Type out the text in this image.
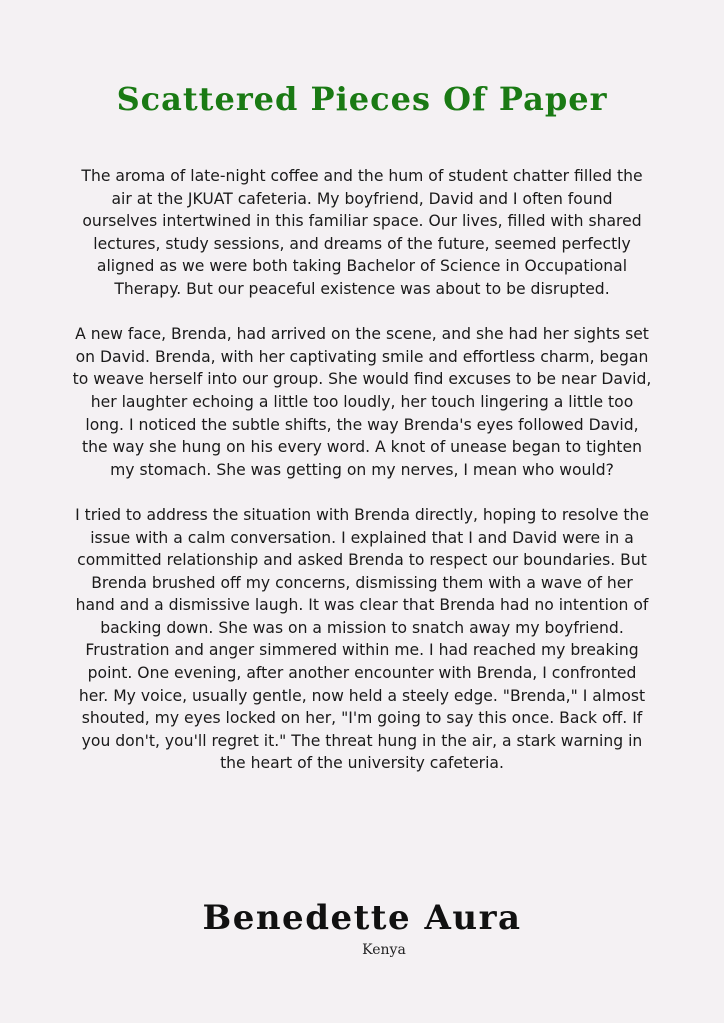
Scattered Pieces Of Paper

The aroma of late-night coffee and the hum of student chatter filled the air at the JKUAT cafeteria. My boyfriend, David and I often found ourselves intertwined in this familiar space. Our lives, filled with shared lectures, study sessions, and dreams of the future, seemed perfectly aligned as we were both taking Bachelor of Science in Occupational Therapy. But our peaceful existence was about to be disrupted.

A new face, Brenda, had arrived on the scene, and she had her sights set on David. Brenda, with her captivating smile and effortless charm, began to weave herself into our group. She would find excuses to be near David, her laughter echoing a little too loudly, her touch lingering a little too long. I noticed the subtle shifts, the way Brenda's eyes followed David, the way she hung on his every word. A knot of unease began to tighten my stomach. She was getting on my nerves, I mean who would?

I tried to address the situation with Brenda directly, hoping to resolve the issue with a calm conversation. I explained that I and David were in a committed relationship and asked Brenda to respect our boundaries. But Brenda brushed off my concerns, dismissing them with a wave of her hand and a dismissive laugh. It was clear that Brenda had no intention of backing down. She was on a mission to snatch away my boyfriend. Frustration and anger simmered within me. I had reached my breaking point. One evening, after another encounter with Brenda, I confronted her. My voice, usually gentle, now held a steely edge. "Brenda," I almost shouted, my eyes locked on her, "I'm going to say this once. Back off. If you don't, you'll regret it." The threat hung in the air, a stark warning in the heart of the university cafeteria.

Benedette Aura
Kenya
